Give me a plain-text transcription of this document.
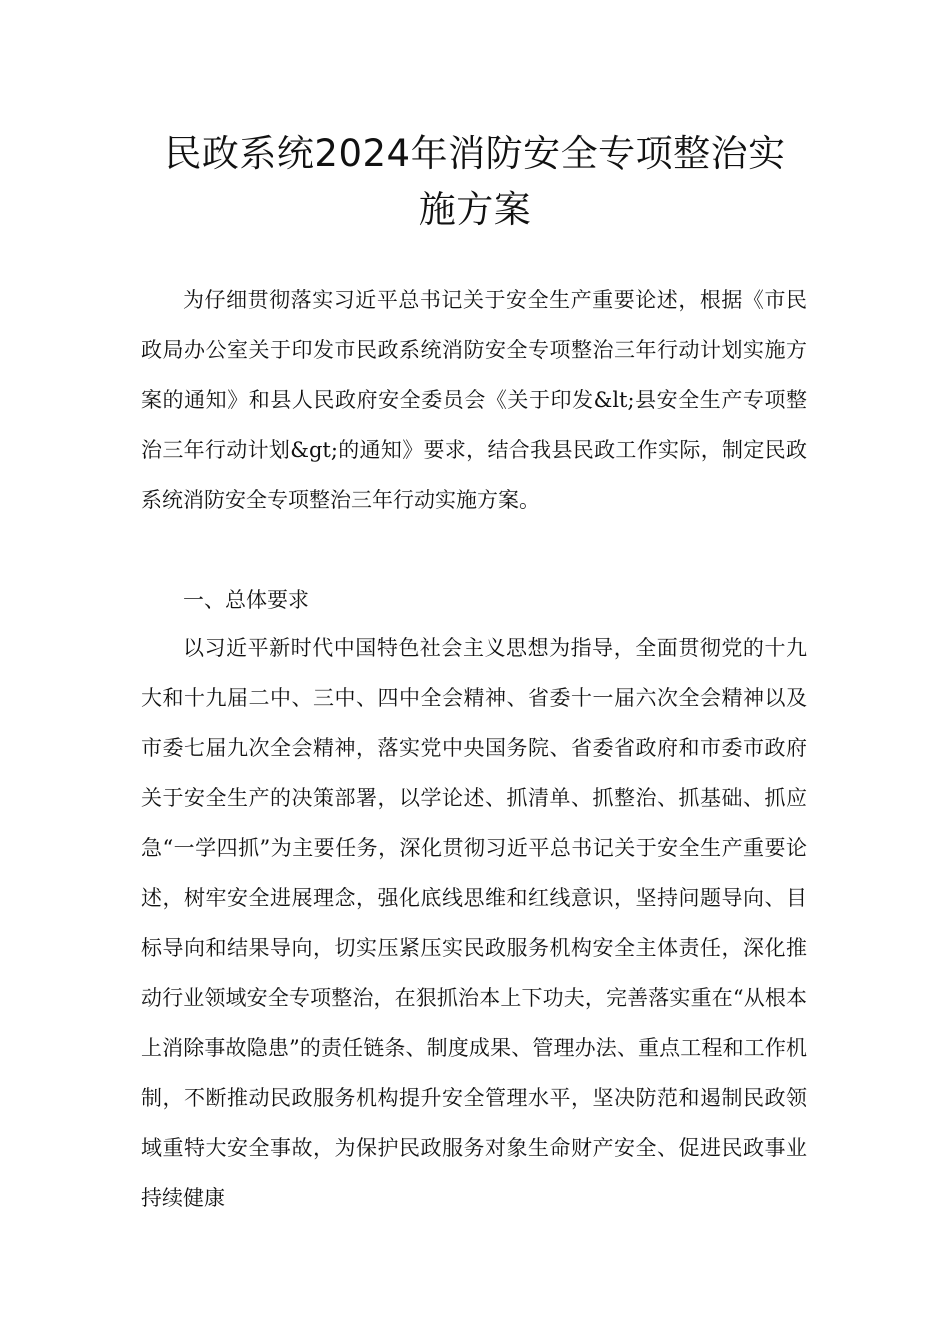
民政系统2024年消防安全专项整治实
施方案

为仔细贯彻落实习近平总书记关于安全生产重要论述，根据《市民政局办公室关于印发市民政系统消防安全专项整治三年行动计划实施方案的通知》和县人民政府安全委员会《关于印发&lt;县安全生产专项整治三年行动计划&gt;的通知》要求，结合我县民政工作实际，制定民政系统消防安全专项整治三年行动实施方案。

一、总体要求

以习近平新时代中国特色社会主义思想为指导，全面贯彻党的十九大和十九届二中、三中、四中全会精神、省委十一届六次全会精神以及市委七届九次全会精神，落实党中央国务院、省委省政府和市委市政府关于安全生产的决策部署，以学论述、抓清单、抓整治、抓基础、抓应急“一学四抓”为主要任务，深化贯彻习近平总书记关于安全生产重要论述，树牢安全进展理念，强化底线思维和红线意识，坚持问题导向、目标导向和结果导向，切实压紧压实民政服务机构安全主体责任，深化推动行业领域安全专项整治，在狠抓治本上下功夫，完善落实重在“从根本上消除事故隐患”的责任链条、制度成果、管理办法、重点工程和工作机制，不断推动民政服务机构提升安全管理水平，坚决防范和遏制民政领域重特大安全事故，为保护民政服务对象生命财产安全、促进民政事业持续健康
